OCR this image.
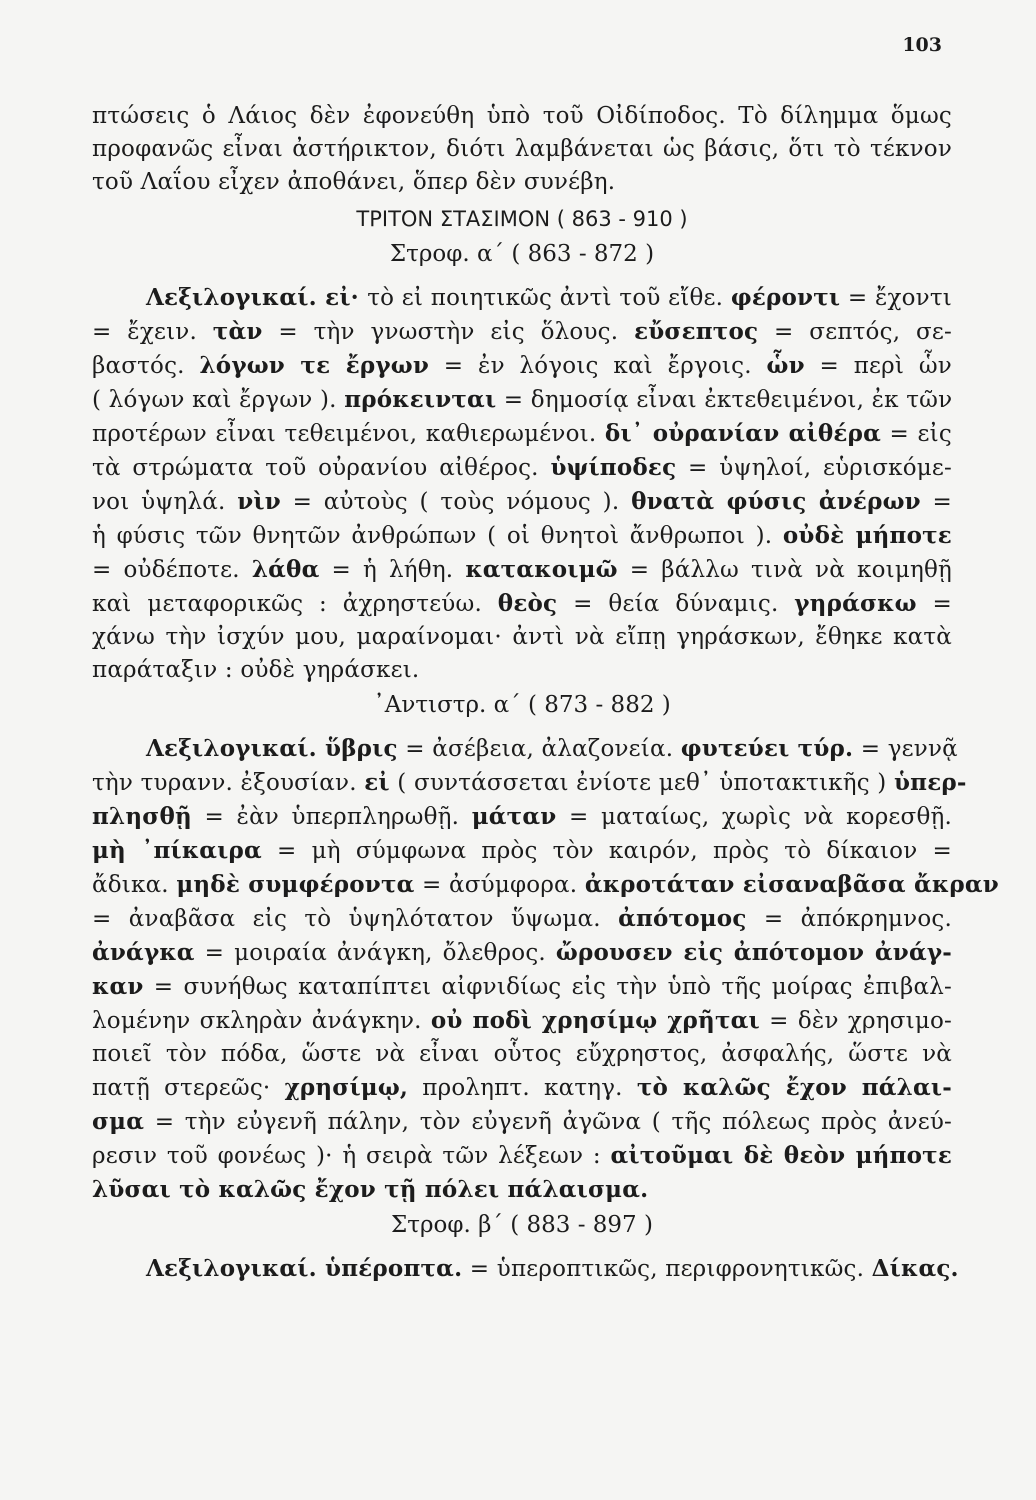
103
πτώσεις ὁ Λάιος δὲν ἐφονεύθη ὑπὸ τοῦ Οἰδίποδος. Τὸ δίλημμα ὅμως
προφανῶς εἶναι ἀστήρικτον, διότι λαμβάνεται ὡς βάσις, ὅτι τὸ τέκνον
τοῦ Λαΐου εἶχεν ἀποθάνει, ὅπερ δὲν συνέβη.
ΤΡΙΤΟΝ ΣΤΑΣΙΜΟΝ ( 863 - 910 )
Στροφ. α΄ ( 863 - 872 )
Λεξιλογικαί. εἰ· τὸ εἰ ποιητικῶς ἀντὶ τοῦ εἴθε. φέροντι = ἔχοντι
= ἔχειν. τὰν = τὴν γνωστὴν εἰς ὅλους. εὔσεπτος = σεπτός, σε-
βαστός. λόγων τε ἔργων = ἐν λόγοις καὶ ἔργοις. ὧν = περὶ ὧν
( λόγων καὶ ἔργων ). πρόκεινται = δημοσίᾳ εἶναι ἐκτεθειμένοι, ἐκ τῶν
προτέρων εἶναι τεθειμένοι, καθιερωμένοι. δι᾿ οὐρανίαν αἰθέρα = εἰς
τὰ στρώματα τοῦ οὐρανίου αἰθέρος. ὑψίποδες = ὑψηλοί, εὑρισκόμε-
νοι ὑψηλά. νὶν = αὐτοὺς ( τοὺς νόμους ). θνατὰ φύσις ἀνέρων =
ἡ φύσις τῶν θνητῶν ἀνθρώπων ( οἱ θνητοὶ ἄνθρωποι ). οὐδὲ μήποτε
= οὐδέποτε. λάθα = ἡ λήθη. κατακοιμῶ = βάλλω τινὰ νὰ κοιμηθῇ
καὶ μεταφορικῶς : ἀχρηστεύω. θεὸς = θεία δύναμις. γηράσκω =
χάνω τὴν ἰσχύν μου, μαραίνομαι· ἀντὶ νὰ εἴπῃ γηράσκων, ἔθηκε κατὰ
παράταξιν : οὐδὲ γηράσκει.
᾿Αντιστρ. α΄ ( 873 - 882 )
Λεξιλογικαί. ὕβρις = ἀσέβεια, ἀλαζονεία. φυτεύει τύρ. = γεννᾷ
τὴν τυρανν. ἐξουσίαν. εἰ ( συντάσσεται ἐνίοτε μεθ᾿ ὑποτακτικῆς ) ὑπερ-
πλησθῇ = ἐὰν ὑπερπληρωθῇ. μάταν = ματαίως, χωρὶς νὰ κορεσθῇ.
μὴ ᾿πίκαιρα = μὴ σύμφωνα πρὸς τὸν καιρόν, πρὸς τὸ δίκαιον =
ἄδικα. μηδὲ συμφέροντα = ἀσύμφορα. ἀκροτάταν εἰσαναβᾶσα ἄκραν
= ἀναβᾶσα εἰς τὸ ὑψηλότατον ὕψωμα. ἀπότομος = ἀπόκρημνος.
ἀνάγκα = μοιραία ἀνάγκη, ὄλεθρος. ὤρουσεν εἰς ἀπότομον ἀνάγ-
καν = συνήθως καταπίπτει αἰφνιδίως εἰς τὴν ὑπὸ τῆς μοίρας ἐπιβαλ-
λομένην σκληρὰν ἀνάγκην. οὐ ποδὶ χρησίμῳ χρῆται = δὲν χρησιμο-
ποιεῖ τὸν πόδα, ὥστε νὰ εἶναι οὗτος εὔχρηστος, ἀσφαλής, ὥστε νὰ
πατῇ στερεῶς· χρησίμῳ, προληπτ. κατηγ. τὸ καλῶς ἔχον πάλαι-
σμα = τὴν εὐγενῆ πάλην, τὸν εὐγενῆ ἀγῶνα ( τῆς πόλεως πρὸς ἀνεύ-
ρεσιν τοῦ φονέως )· ἡ σειρὰ τῶν λέξεων : αἰτοῦμαι δὲ θεὸν μήποτε
λῦσαι τὸ καλῶς ἔχον τῇ πόλει πάλαισμα.
Στροφ. β΄ ( 883 - 897 )
Λεξιλογικαί. ὑπέροπτα. = ὑπεροπτικῶς, περιφρονητικῶς. Δίκας.
